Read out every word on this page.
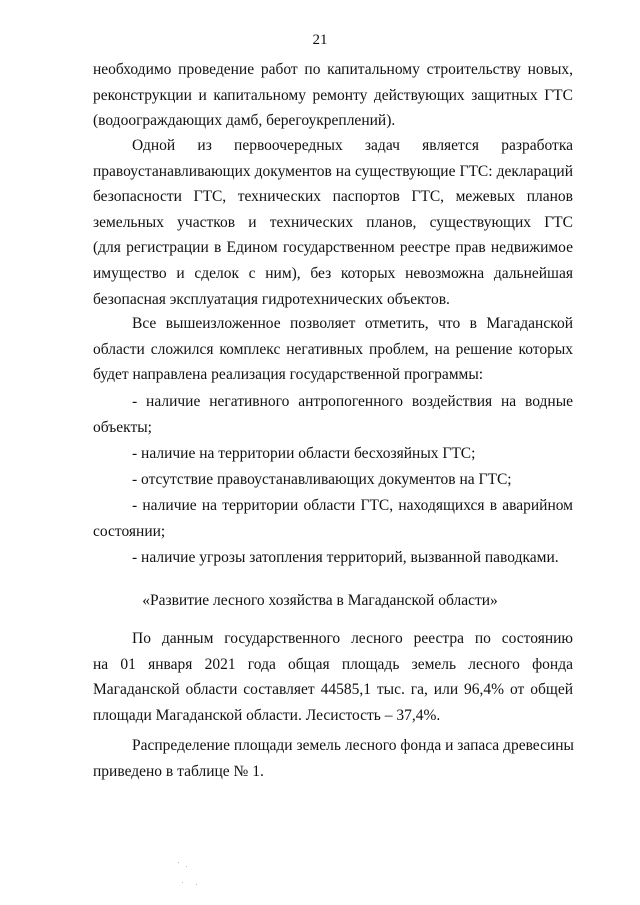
21
необходимо проведение работ по капитальному строительству новых,
реконструкции и капитальному ремонту действующих защитных ГТС
(водоограждающих дамб, берегоукреплений).
Одной из первоочередных задач является разработка
правоустанавливающих документов на существующие ГТС: деклараций
безопасности ГТС, технических паспортов ГТС, межевых планов
земельных участков и технических планов, существующих ГТС
(для регистрации в Едином государственном реестре прав недвижимое
имущество и сделок с ним), без которых невозможна дальнейшая
безопасная эксплуатация гидротехнических объектов.
Все вышеизложенное позволяет отметить, что в Магаданской
области сложился комплекс негативных проблем, на решение которых
будет направлена реализация государственной программы:
- наличие негативного антропогенного воздействия на водные
объекты;
- наличие на территории области бесхозяйных ГТС;
- отсутствие правоустанавливающих документов на ГТС;
- наличие на территории области ГТС, находящихся в аварийном
состоянии;
- наличие угрозы затопления территорий, вызванной паводками.
«Развитие лесного хозяйства в Магаданской области»
По данным государственного лесного реестра по состоянию
на 01 января 2021 года общая площадь земель лесного фонда
Магаданской области составляет 44585,1 тыс. га, или 96,4% от общей
площади Магаданской области. Лесистость – 37,4%.
Распределение площади земель лесного фонда и запаса древесины
приведено в таблице № 1.
